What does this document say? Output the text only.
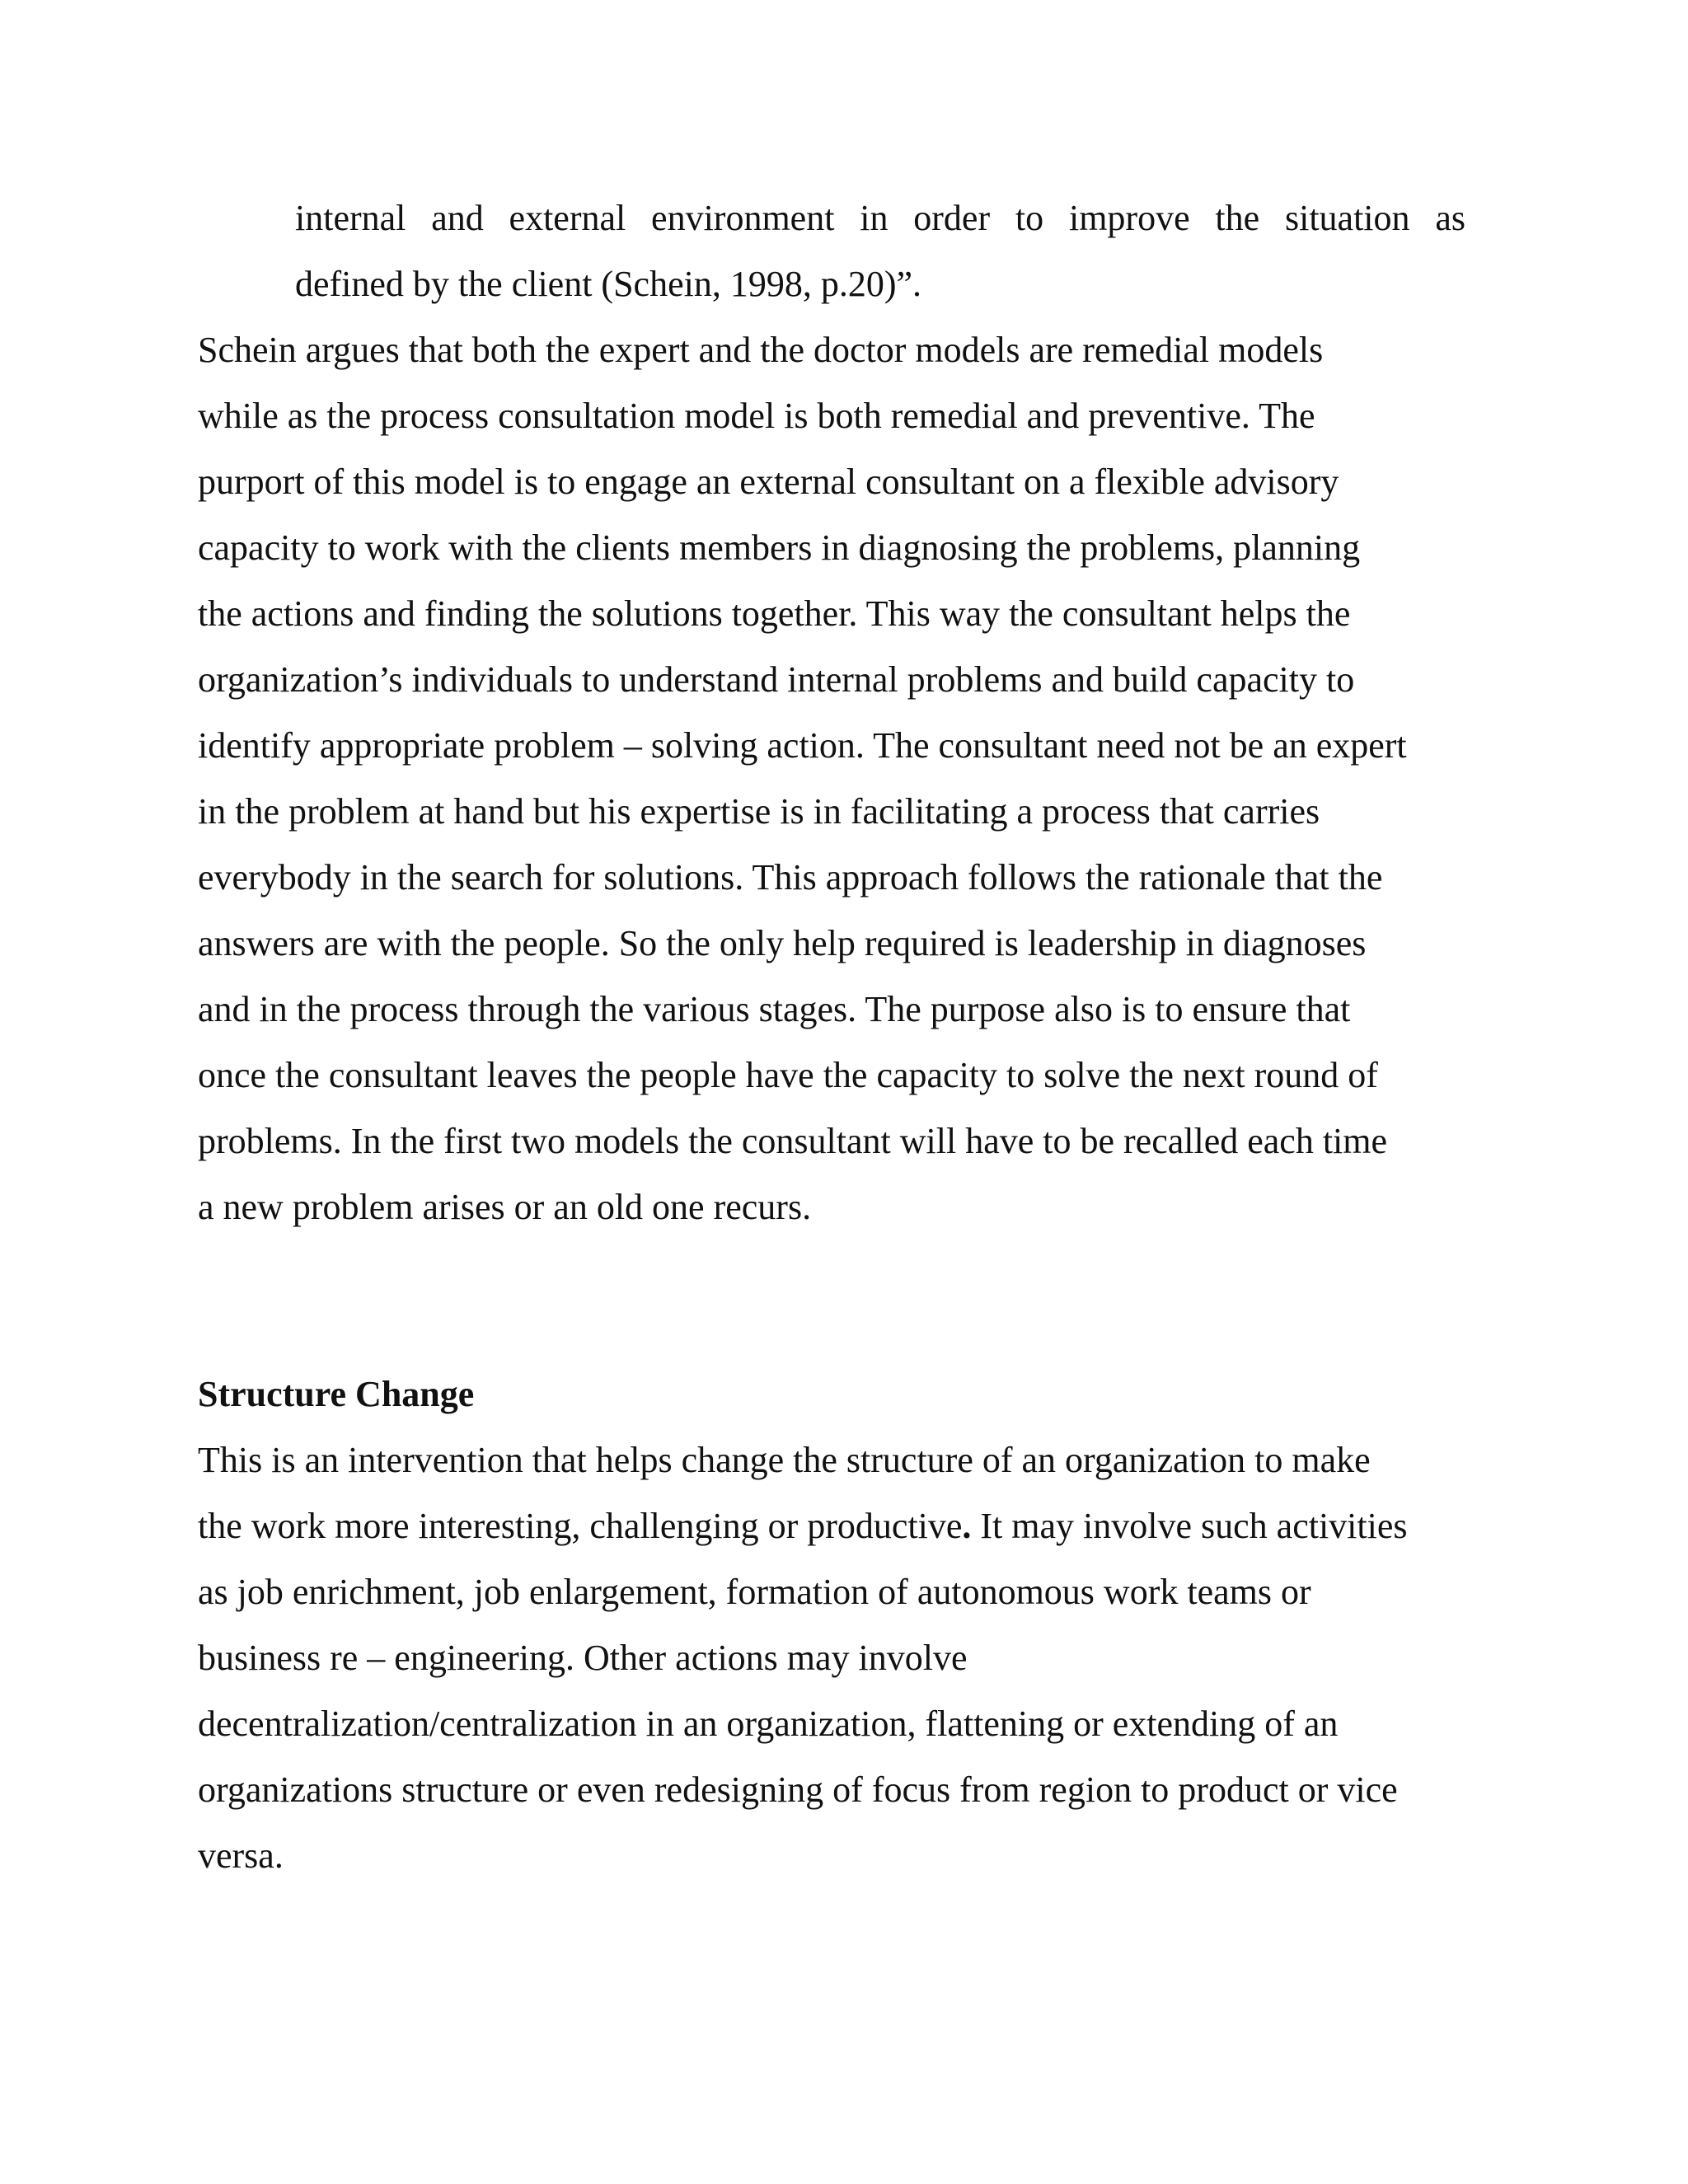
internal and external environment in order to improve the situation as
defined by the client (Schein, 1998, p.20)”.
Schein argues that both the expert and the doctor models are remedial models
while as the process consultation model is both remedial and preventive. The
purport of this model is to engage an external consultant on a flexible advisory
capacity to work with the clients members in diagnosing the problems, planning
the actions and finding the solutions together. This way the consultant helps the
organization’s individuals to understand internal problems and build capacity to
identify appropriate problem – solving action. The consultant need not be an expert
in the problem at hand but his expertise is in facilitating a process that carries
everybody in the search for solutions. This approach follows the rationale that the
answers are with the people. So the only help required is leadership in diagnoses
and in the process through the various stages. The purpose also is to ensure that
once the consultant leaves the people have the capacity to solve the next round of
problems. In the first two models the consultant will have to be recalled each time
a new problem arises or an old one recurs.
Structure Change
This is an intervention that helps change the structure of an organization to make
the work more interesting, challenging or productive. It may involve such activities
as job enrichment, job enlargement, formation of autonomous work teams or
business re – engineering. Other actions may involve
decentralization/centralization in an organization, flattening or extending of an
organizations structure or even redesigning of focus from region to product or vice
versa.
